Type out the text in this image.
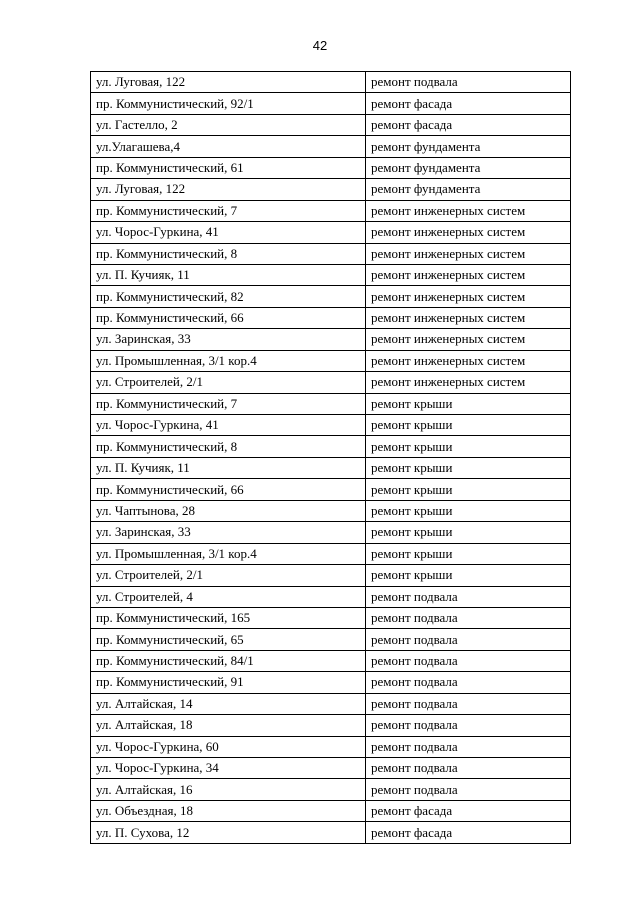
42
ул. Луговая, 122	ремонт подвала
пр. Коммунистический, 92/1	ремонт фасада
ул. Гастелло, 2	ремонт фасада
ул.Улагашева,4	ремонт фундамента
пр. Коммунистический, 61	ремонт фундамента
ул. Луговая, 122	ремонт фундамента
пр. Коммунистический, 7	ремонт инженерных систем
ул. Чорос-Гуркина, 41	ремонт инженерных систем
пр. Коммунистический, 8	ремонт инженерных систем
ул. П. Кучияк, 11	ремонт инженерных систем
пр. Коммунистический, 82	ремонт инженерных систем
пр. Коммунистический, 66	ремонт инженерных систем
ул. Заринская, 33	ремонт инженерных систем
ул. Промышленная, 3/1 кор.4	ремонт инженерных систем
ул. Строителей, 2/1	ремонт инженерных систем
пр. Коммунистический, 7	ремонт крыши
ул. Чорос-Гуркина, 41	ремонт крыши
пр. Коммунистический, 8	ремонт крыши
ул. П. Кучияк, 11	ремонт крыши
пр. Коммунистический, 66	ремонт крыши
ул. Чаптынова, 28	ремонт крыши
ул. Заринская, 33	ремонт крыши
ул. Промышленная, 3/1 кор.4	ремонт крыши
ул. Строителей, 2/1	ремонт крыши
ул. Строителей, 4	ремонт подвала
пр. Коммунистический, 165	ремонт подвала
пр. Коммунистический, 65	ремонт подвала
пр. Коммунистический, 84/1	ремонт подвала
пр. Коммунистический, 91	ремонт подвала
ул. Алтайская, 14	ремонт подвала
ул. Алтайская, 18	ремонт подвала
ул. Чорос-Гуркина, 60	ремонт подвала
ул. Чорос-Гуркина, 34	ремонт подвала
ул. Алтайская, 16	ремонт подвала
ул. Объездная, 18	ремонт фасада
ул. П. Сухова, 12	ремонт фасада
